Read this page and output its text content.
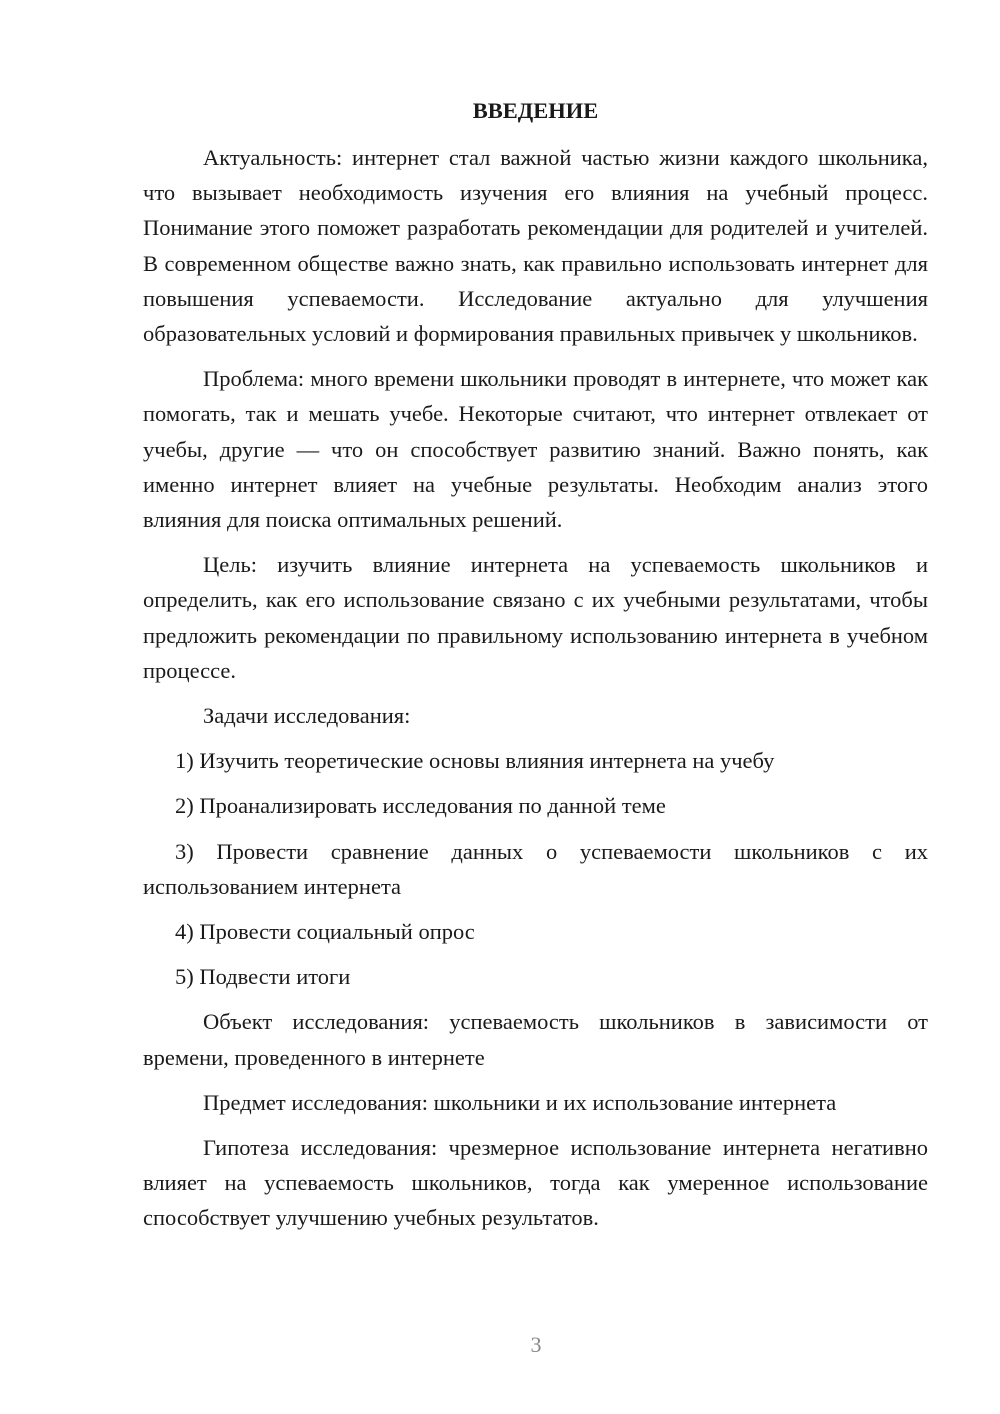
ВВЕДЕНИЕ

Актуальность: интернет стал важной частью жизни каждого школьника, что вызывает необходимость изучения его влияния на учебный процесс. Понимание этого поможет разработать рекомендации для родителей и учителей. В современном обществе важно знать, как правильно использовать интернет для повышения успеваемости. Исследование актуально для улучшения образовательных условий и формирования правильных привычек у школьников.

Проблема: много времени школьники проводят в интернете, что может как помогать, так и мешать учебе. Некоторые считают, что интернет отвлекает от учебы, другие — что он способствует развитию знаний. Важно понять, как именно интернет влияет на учебные результаты. Необходим анализ этого влияния для поиска оптимальных решений.

Цель: изучить влияние интернета на успеваемость школьников и определить, как его использование связано с их учебными результатами, чтобы предложить рекомендации по правильному использованию интернета в учебном процессе.

Задачи исследования:

1) Изучить теоретические основы влияния интернета на учебу

2) Проанализировать исследования по данной теме

3) Провести сравнение данных о успеваемости школьников с их использованием интернета

4) Провести социальный опрос

5) Подвести итоги

Объект исследования: успеваемость школьников в зависимости от времени, проведенного в интернете

Предмет исследования: школьники и их использование интернета

Гипотеза исследования: чрезмерное использование интернета негативно влияет на успеваемость школьников, тогда как умеренное использование способствует улучшению учебных результатов.

3
